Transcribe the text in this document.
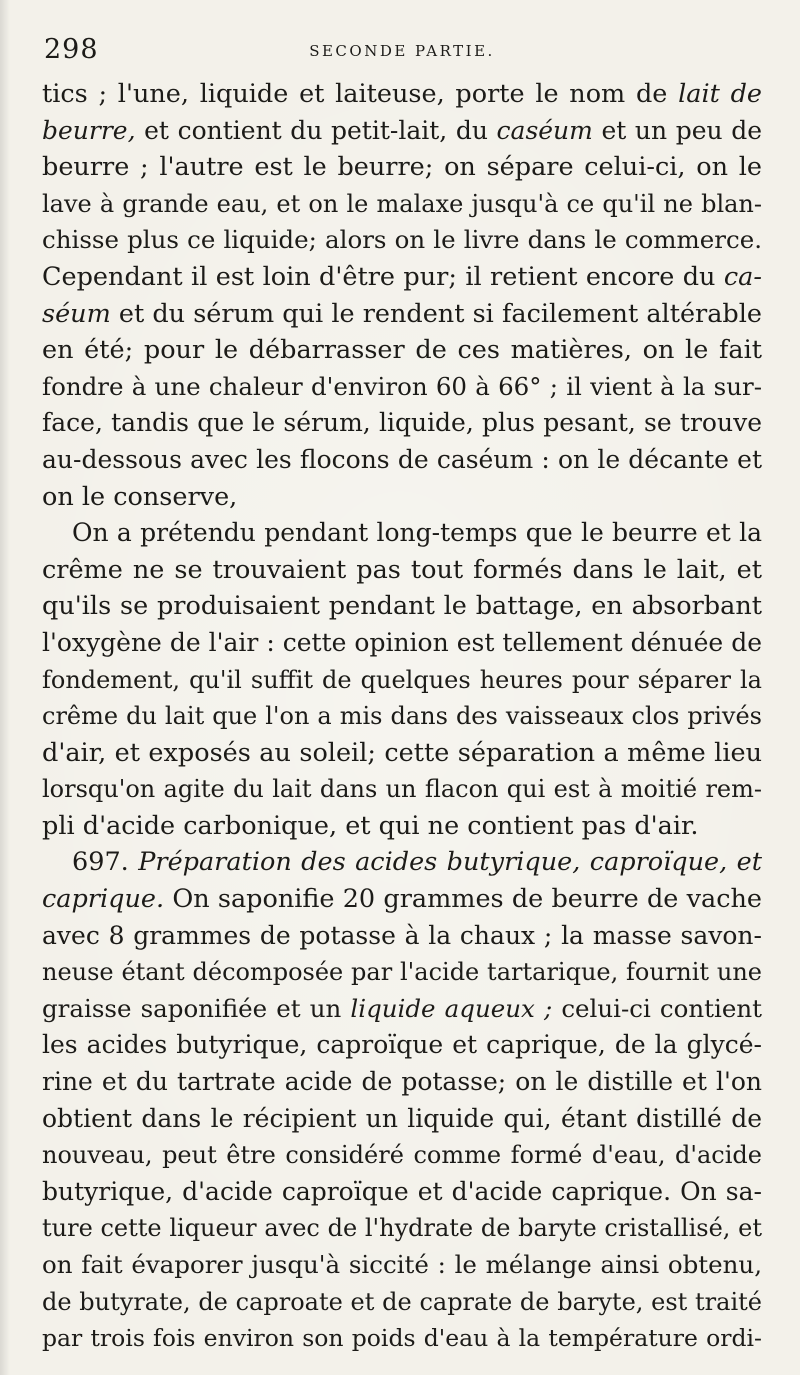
298	SECONDE PARTIE.
tics ; l'une, liquide et laiteuse, porte le nom de lait de
beurre, et contient du petit-lait, du caséum et un peu de
beurre ; l'autre est le beurre; on sépare celui-ci, on le
lave à grande eau, et on le malaxe jusqu'à ce qu'il ne blan-
chisse plus ce liquide; alors on le livre dans le commerce.
Cependant il est loin d'être pur; il retient encore du ca-
séum et du sérum qui le rendent si facilement altérable
en été; pour le débarrasser de ces matières, on le fait
fondre à une chaleur d'environ 60 à 66° ; il vient à la sur-
face, tandis que le sérum, liquide, plus pesant, se trouve
au-dessous avec les flocons de caséum : on le décante et
on le conserve,
On a prétendu pendant long-temps que le beurre et la
crême ne se trouvaient pas tout formés dans le lait, et
qu'ils se produisaient pendant le battage, en absorbant
l'oxygène de l'air : cette opinion est tellement dénuée de
fondement, qu'il suffit de quelques heures pour séparer la
crême du lait que l'on a mis dans des vaisseaux clos privés
d'air, et exposés au soleil; cette séparation a même lieu
lorsqu'on agite du lait dans un flacon qui est à moitié rem-
pli d'acide carbonique, et qui ne contient pas d'air.
697. Préparation des acides butyrique, caproïque, et
caprique. On saponifie 20 grammes de beurre de vache
avec 8 grammes de potasse à la chaux ; la masse savon-
neuse étant décomposée par l'acide tartarique, fournit une
graisse saponifiée et un liquide aqueux ; celui-ci contient
les acides butyrique, caproïque et caprique, de la glycé-
rine et du tartrate acide de potasse; on le distille et l'on
obtient dans le récipient un liquide qui, étant distillé de
nouveau, peut être considéré comme formé d'eau, d'acide
butyrique, d'acide caproïque et d'acide caprique. On sa-
ture cette liqueur avec de l'hydrate de baryte cristallisé, et
on fait évaporer jusqu'à siccité : le mélange ainsi obtenu,
de butyrate, de caproate et de caprate de baryte, est traité
par trois fois environ son poids d'eau à la température ordi-
